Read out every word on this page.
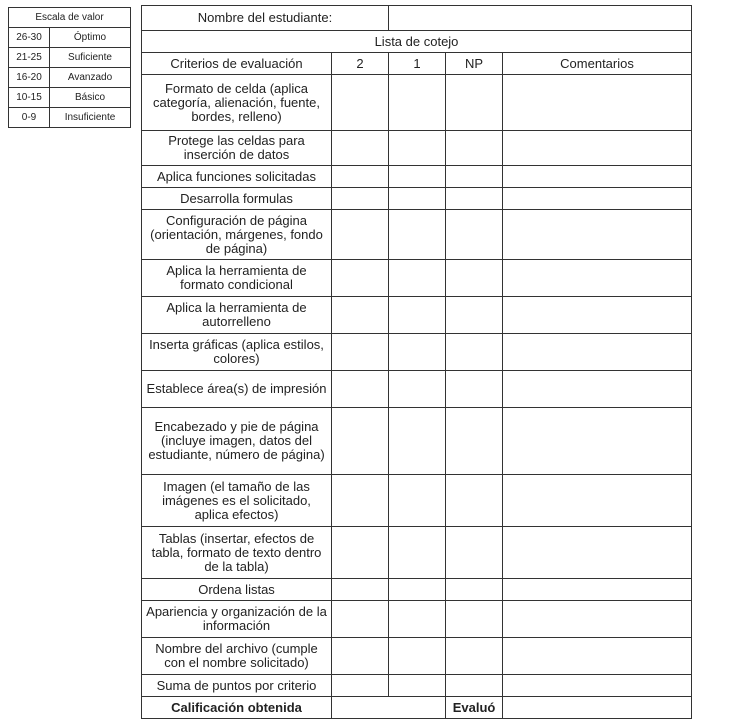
Escala de valor	
26-30	Óptimo
21-25	Suficiente
16-20	Avanzado
10-15	Básico
0-9	Insuficiente
Nombre del estudiante:				
Lista de cotejo				
Criterios de evaluación	2	1	NP	Comentarios
Formato de celda (aplica categoría, alienación, fuente, bordes, relleno)				
Protege las celdas para inserción de datos				
Aplica funciones solicitadas				
Desarrolla formulas				
Configuración de página (orientación, márgenes, fondo de página)				
Aplica la herramienta de formato condicional				
Aplica la herramienta de autorrelleno				
Inserta gráficas (aplica estilos, colores)				
Establece área(s) de impresión				
Encabezado y pie de página (incluye imagen, datos del estudiante, número de página)				
Imagen (el tamaño de las imágenes es el solicitado, aplica efectos)				
Tablas (insertar, efectos de tabla, formato de texto dentro de la tabla)				
Ordena listas				
Apariencia y organización de la información				
Nombre del archivo (cumple con el nombre solicitado)				
Suma de puntos por criterio				
Calificación obtenida			Evaluó	
